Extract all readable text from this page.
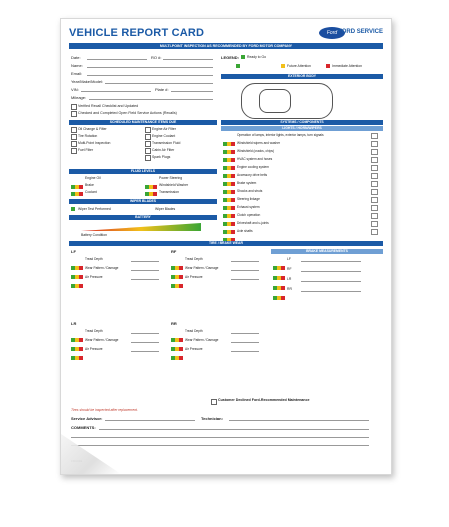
VEHICLE REPORT CARD	Ford FORD SERVICE
MULTI-POINT INSPECTION AS RECOMMENDED BY FORD MOTOR COMPANY
Date:	RO #:
Name:
Email:
Year/Make/Model:
VIN:	Plate #:
Mileage:
Verified Recall Checklist and Updated
Checked and Completed Open Field Service Actions (Recalls)
LEGEND: Ready to Go
Future Attention	Immediate Attention
EXTERIOR BODY
SCHEDULED MAINTENANCE ITEMS DUE
Oil Change & Filter
Tire Rotation
Multi-Point Inspection
Fuel Filter
Engine Air Filter
Engine Coolant
Transmission Fluid
Cabin Air Filter
Spark Plugs
FLUID LEVELS
Engine Oil
Brake
Coolant
Power Steering
Windshield Washer
Transmission
WIPER BLADES
Wiper Test Performed	Wiper Blades
BATTERY
Battery Condition
SYSTEMS / COMPONENTS
LIGHTS / HORN/WIPERS
Operation of lamps, interior lights, exterior lamps, turn signals
Windshield wipers and washer
Windshield (cracks, chips)
HVAC system and hoses
Engine cooling system
Accessory drive belts
Brake system
Shocks and struts
Steering linkage
Exhaust system
Clutch operation
Driveshaft and u-joints
Axle shafts
TIRE / BRAKE WEAR
LF
Tread Depth
Wear Pattern / Damage
Air Pressure
RF
Tread Depth
Wear Pattern / Damage
Air Pressure
LR
Tread Depth
Wear Pattern / Damage
Air Pressure
RR
Tread Depth
Wear Pattern / Damage
Air Pressure
BRAKE MEASUREMENTS
LF
RF
LR
RR
Customer Declined Ford-Recommended Maintenance
Tires should be inspected after replacement.
Service Advisor:	Technician:
COMMENTS:
